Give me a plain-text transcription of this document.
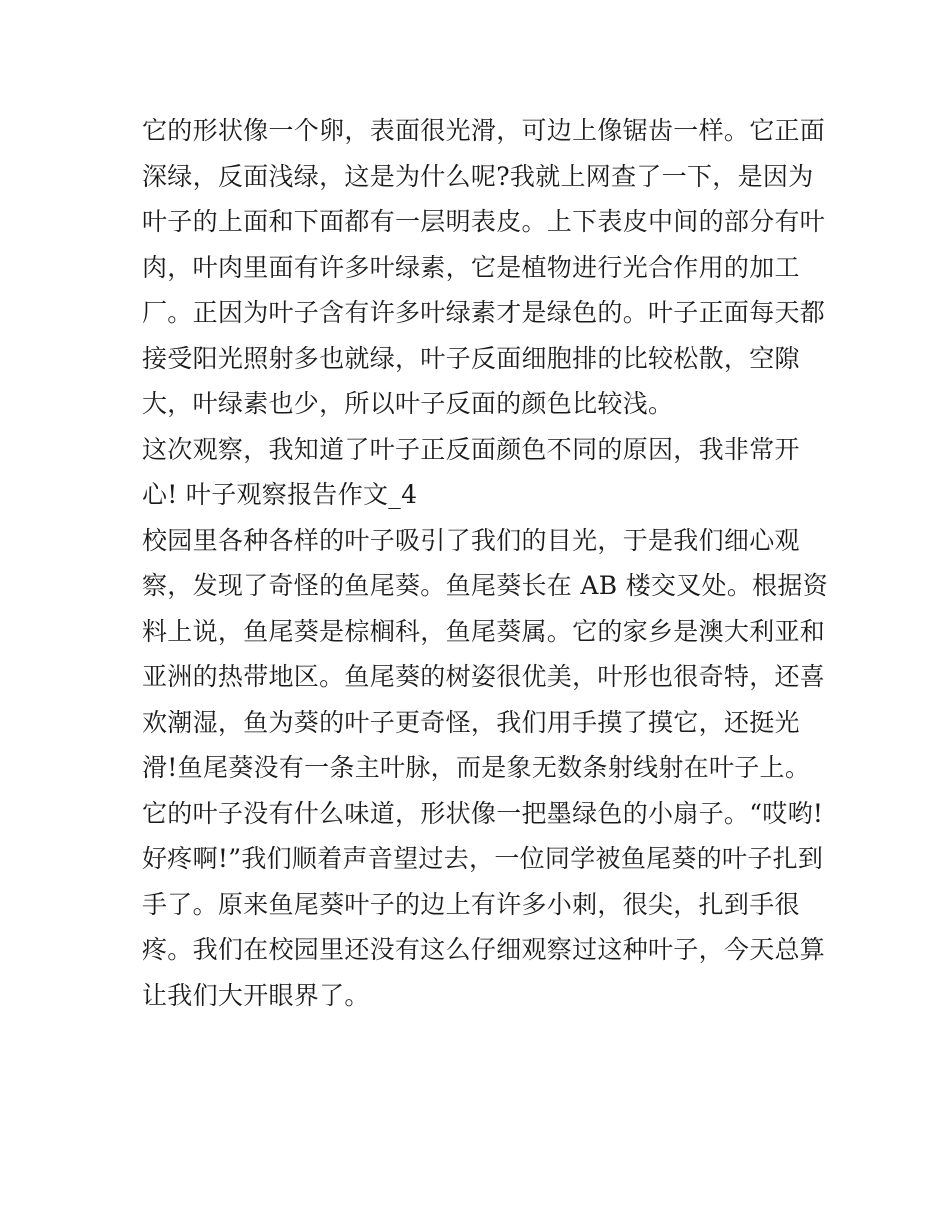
它的形状像一个卵，表面很光滑，可边上像锯齿一样。它正面
深绿，反面浅绿，这是为什么呢?我就上网查了一下，是因为
叶子的上面和下面都有一层明表皮。上下表皮中间的部分有叶
肉，叶肉里面有许多叶绿素，它是植物进行光合作用的加工
厂。正因为叶子含有许多叶绿素才是绿色的。叶子正面每天都
接受阳光照射多也就绿，叶子反面细胞排的比较松散，空隙
大，叶绿素也少，所以叶子反面的颜色比较浅。
这次观察，我知道了叶子正反面颜色不同的原因，我非常开
心! 叶子观察报告作文_4
校园里各种各样的叶子吸引了我们的目光，于是我们细心观
察，发现了奇怪的鱼尾葵。鱼尾葵长在 AB 楼交叉处。根据资
料上说，鱼尾葵是棕榈科，鱼尾葵属。它的家乡是澳大利亚和
亚洲的热带地区。鱼尾葵的树姿很优美，叶形也很奇特，还喜
欢潮湿，鱼为葵的叶子更奇怪，我们用手摸了摸它，还挺光
滑!鱼尾葵没有一条主叶脉，而是象无数条射线射在叶子上。
它的叶子没有什么味道，形状像一把墨绿色的小扇子。“哎哟!
好疼啊!”我们顺着声音望过去，一位同学被鱼尾葵的叶子扎到
手了。原来鱼尾葵叶子的边上有许多小刺，很尖，扎到手很
疼。我们在校园里还没有这么仔细观察过这种叶子，今天总算
让我们大开眼界了。
